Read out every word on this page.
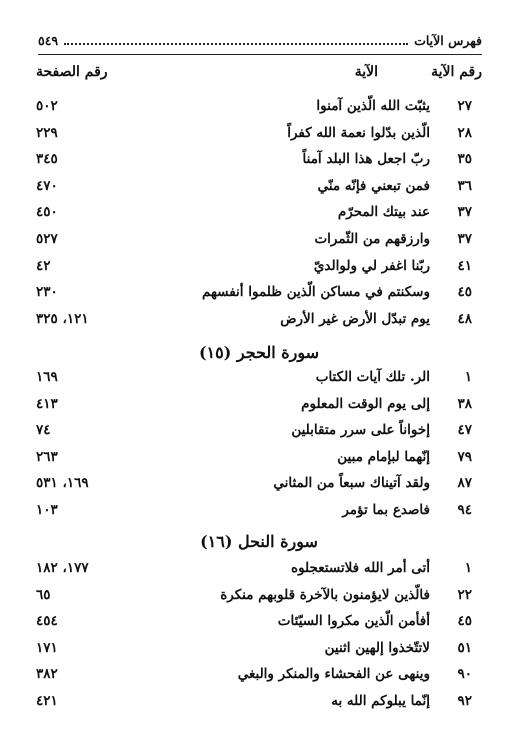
فهرس الآيات
٥٤٩
رقم الآية
الآية
رقم الصفحة
٢٧
يثبّت الله الّذين آمنوا
٥٠٢
٢٨
الّذين بدّلوا نعمة الله كفراً
٢٢٩
٣٥
ربّ اجعل هذا البلد آمناً
٣٤٥
٣٦
فمن تبعني فإنّه منّي
٤٧٠
٣٧
عند بيتك المحرّم
٤٥٠
٣٧
وارزقهم من الثّمرات
٥٢٧
٤١
ربّنا اغفر لي ولوالديّ
٤٢
٤٥
وسكنتم في مساكن الّذين ظلموا أنفسهم
٢٣٠
٤٨
يوم تبدّل الأرض غير الأرض
١٢١، ٣٢٥
سورة الحجر (١٥)
١
الر. تلك آيات الكتاب
١٦٩
٣٨
إلى يوم الوقت المعلوم
٤١٣
٤٧
إخواناً على سرر متقابلين
٧٤
٧٩
إنّهما لبإمام مبين
٢٦٣
٨٧
ولقد آتيناك سبعاً من المثاني
١٦٩، ٥٣١
٩٤
فاصدع بما تؤمر
١٠٣
سورة النحل (١٦)
١
أتى أمر الله فلاتستعجلوه
١٧٧، ١٨٢
٢٢
فالّذين لايؤمنون بالآخرة قلوبهم منكرة
٦٥
٤٥
أفأمن الّذين مكروا السيّئات
٤٥٤
٥١
لاتتّخذوا إلهين اثنين
١٧١
٩٠
وينهى عن الفحشاء والمنكر والبغي
٣٨٢
٩٢
إنّما يبلوكم الله به
٤٢١
